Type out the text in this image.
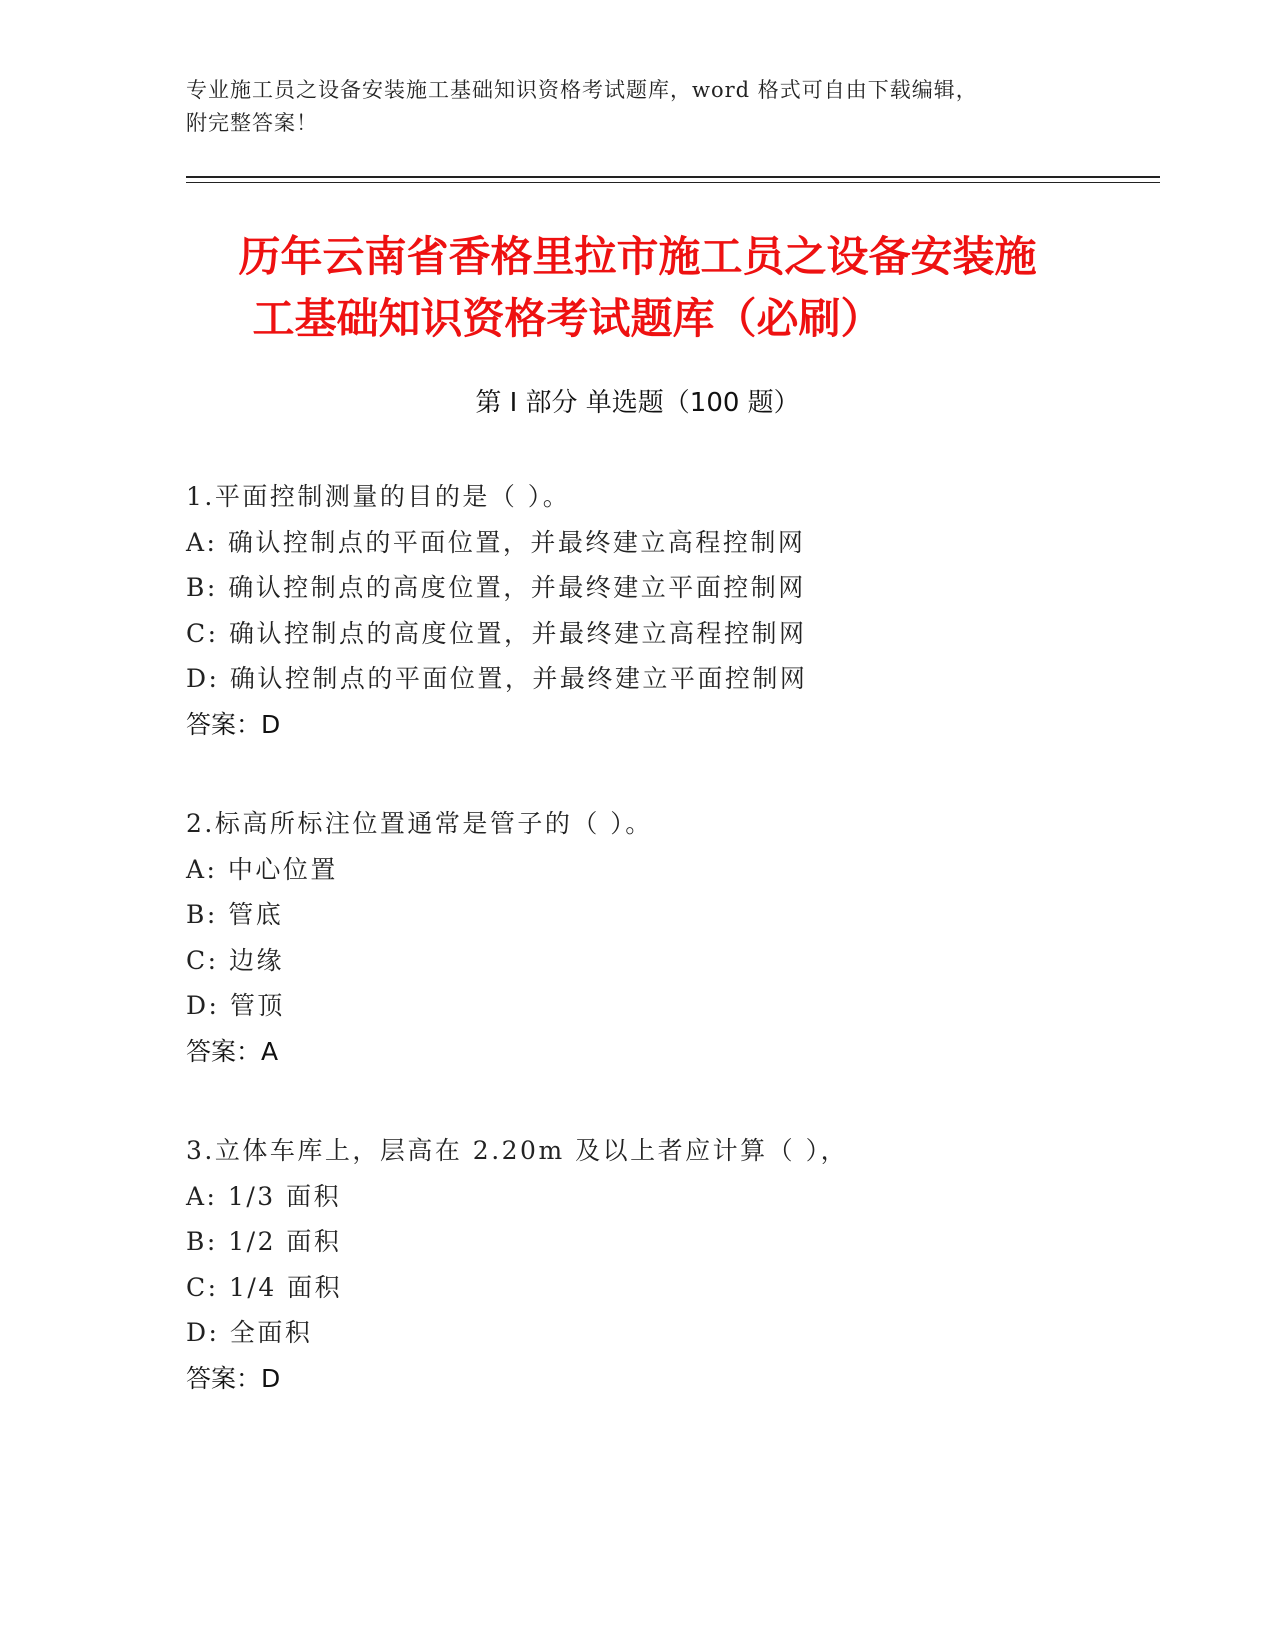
专业施工员之设备安装施工基础知识资格考试题库，word 格式可自由下载编辑，
附完整答案！
历年云南省香格里拉市施工员之设备安装施
工基础知识资格考试题库（必刷）
第 I 部分 单选题（100 题）
1.平面控制测量的目的是（ ）。
A: 确认控制点的平面位置，并最终建立高程控制网
B: 确认控制点的高度位置，并最终建立平面控制网
C: 确认控制点的高度位置，并最终建立高程控制网
D: 确认控制点的平面位置，并最终建立平面控制网
答案：D
2.标高所标注位置通常是管子的（ ）。
A: 中心位置
B: 管底
C: 边缘
D: 管顶
答案：A
3.立体车库上，层高在 2.20m 及以上者应计算（ ），
A: 1/3 面积
B: 1/2 面积
C: 1/4 面积
D: 全面积
答案：D
